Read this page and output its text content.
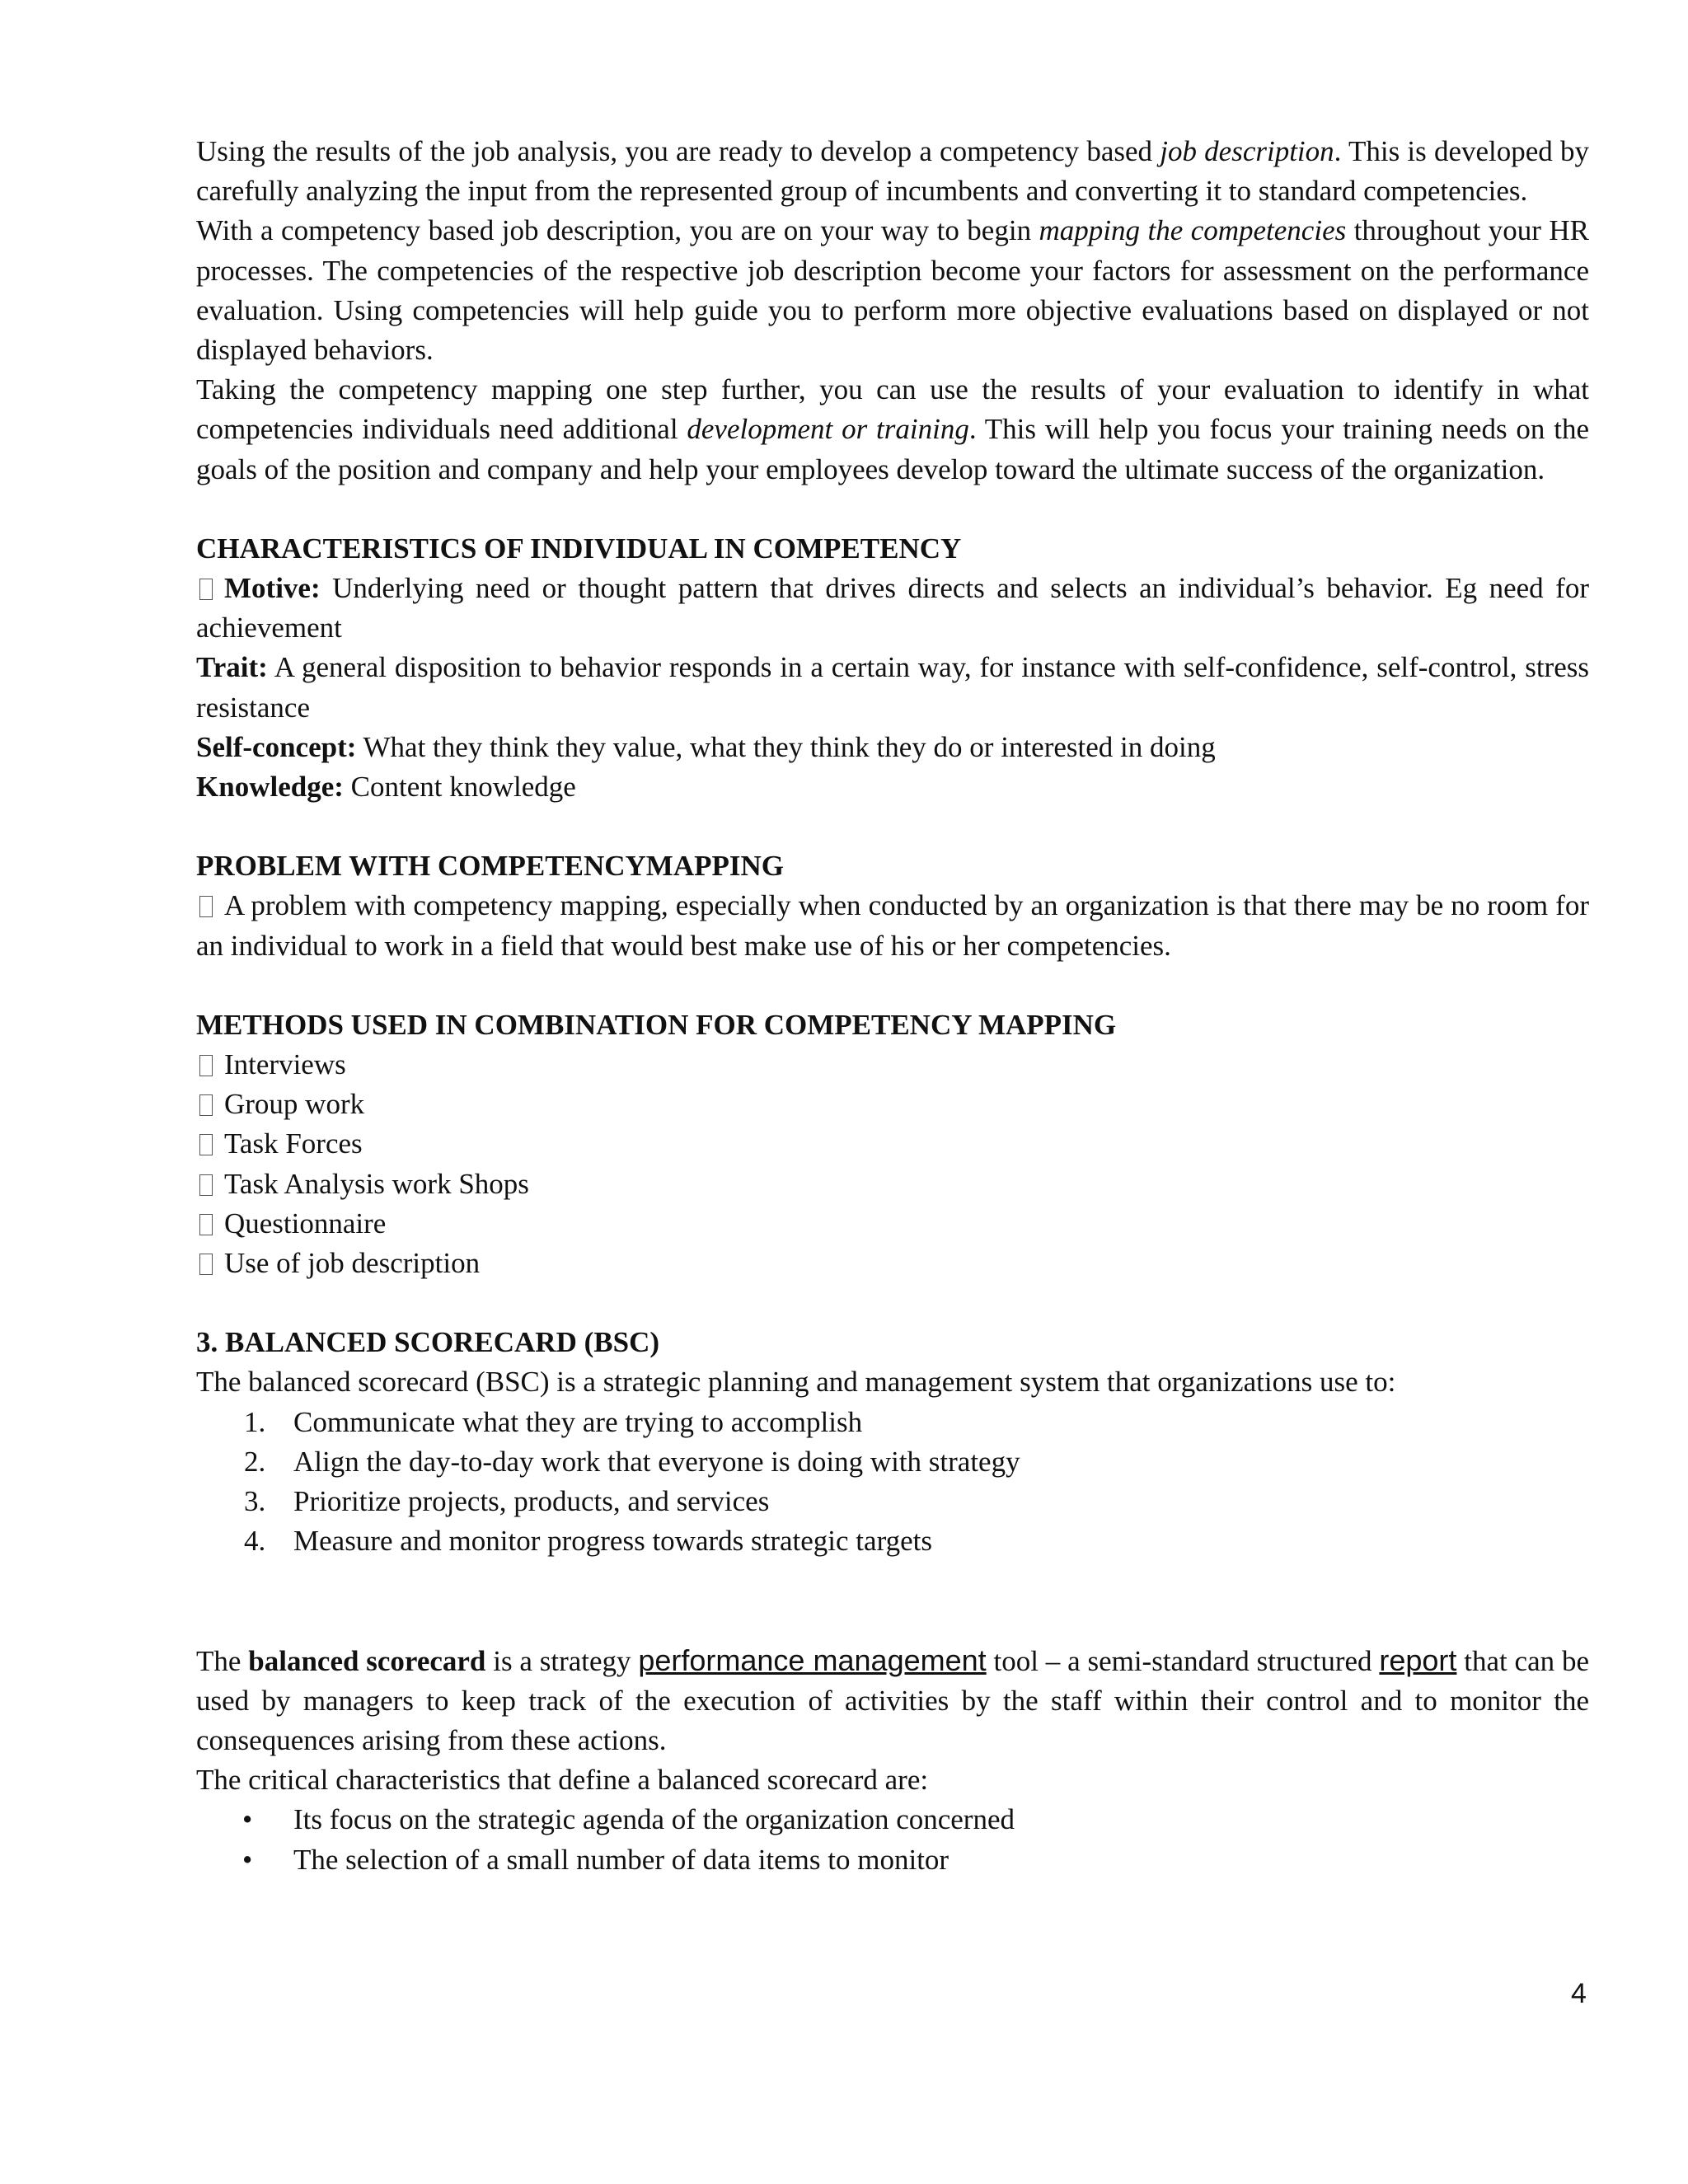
Using the results of the job analysis, you are ready to develop a competency based job description. This is developed by carefully analyzing the input from the represented group of incumbents and converting it to standard competencies.

With a competency based job description, you are on your way to begin mapping the competencies throughout your HR processes. The competencies of the respective job description become your factors for assessment on the performance evaluation. Using competencies will help guide you to perform more objective evaluations based on displayed or not displayed behaviors.

Taking the competency mapping one step further, you can use the results of your evaluation to identify in what competencies individuals need additional development or training. This will help you focus your training needs on the goals of the position and company and help your employees develop toward the ultimate success of the organization.

CHARACTERISTICS OF INDIVIDUAL IN COMPETENCY

Motive: Underlying need or thought pattern that drives directs and selects an individual’s behavior. Eg need for achievement

Trait: A general disposition to behavior responds in a certain way, for instance with self-confidence, self-control, stress resistance

Self-concept: What they think they value, what they think they do or interested in doing

Knowledge: Content knowledge

PROBLEM WITH COMPETENCYMAPPING

A problem with competency mapping, especially when conducted by an organization is that there may be no room for an individual to work in a field that would best make use of his or her competencies.

METHODS USED IN COMBINATION FOR COMPETENCY MAPPING

Interviews

Group work

Task Forces

Task Analysis work Shops

Questionnaire

Use of job description

3. BALANCED SCORECARD (BSC)

The balanced scorecard (BSC) is a strategic planning and management system that organizations use to:

1. Communicate what they are trying to accomplish
2. Align the day-to-day work that everyone is doing with strategy
3. Prioritize projects, products, and services
4. Measure and monitor progress towards strategic targets

The balanced scorecard is a strategy performance management tool – a semi-standard structured report that can be used by managers to keep track of the execution of activities by the staff within their control and to monitor the consequences arising from these actions.

The critical characteristics that define a balanced scorecard are:

• Its focus on the strategic agenda of the organization concerned
• The selection of a small number of data items to monitor
4
